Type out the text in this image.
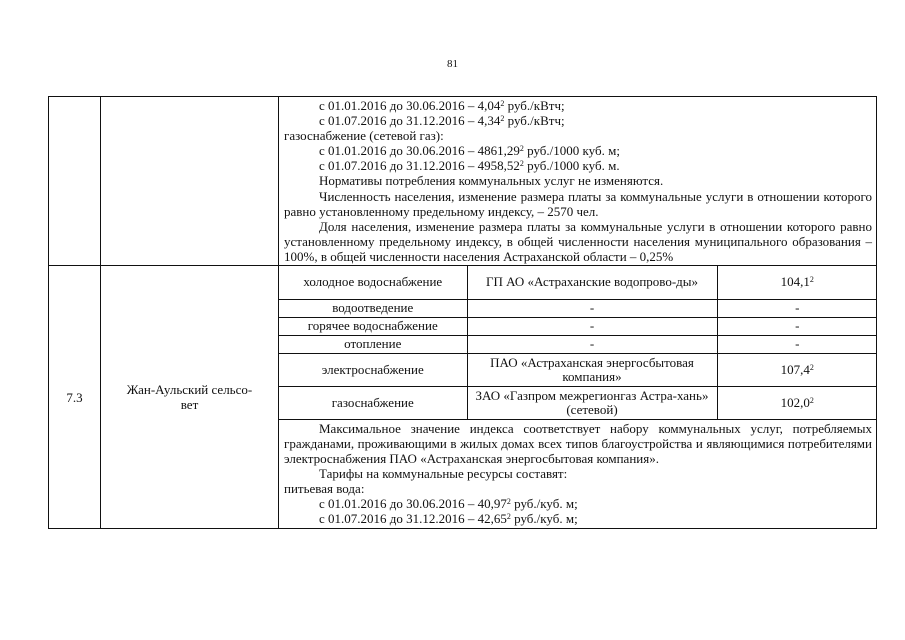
81

с 01.01.2016 до 30.06.2016 – 4,04$^2$ руб./кВтч;

с 01.07.2016 до 31.12.2016 – 4,34$^2$ руб./кВтч;

газоснабжение (сетевой газ):

с 01.01.2016 до 30.06.2016 – 4861,29$^2$ руб./1000 куб. м;

с 01.07.2016 до 31.12.2016 – 4958,52$^2$ руб./1000 куб. м.

Нормативы потребления коммунальных услуг не изменяются.

Численность населения, изменение размера платы за коммунальные услуги в отношении которого равно установленному предельному индексу, – 2570 чел.

Доля населения, изменение размера платы за коммунальные услуги в отношении которого равно установленному предельному индексу, в общей численности населения муниципального образования – 100%, в общей численности населения Астраханской области – 0,25%

7.3	Жан-Аульский сельсо-
вет

холодное водоснабжение	ГП АО «Астраханские водопрово-ды»	104,1$^2$
водоотведение	-	-
горячее водоснабжение	-	-
отопление	-	-
электроснабжение	ПАО «Астраханская энергосбытовая компания»	107,4$^2$
газоснабжение	ЗАО «Газпром межрегионгаз Астра-хань» (сетевой)	102,0$^2$

Максимальное значение индекса соответствует набору коммунальных услуг, потребляемых гражданами, проживающими в жилых домах всех типов благоустройства и являющимися потребителями электроснабжения ПАО «Астраханская энергосбытовая компания».

Тарифы на коммунальные ресурсы составят:

питьевая вода:

с 01.01.2016 до 30.06.2016 – 40,97$^2$ руб./куб. м;

с 01.07.2016 до 31.12.2016 – 42,65$^2$ руб./куб. м;
